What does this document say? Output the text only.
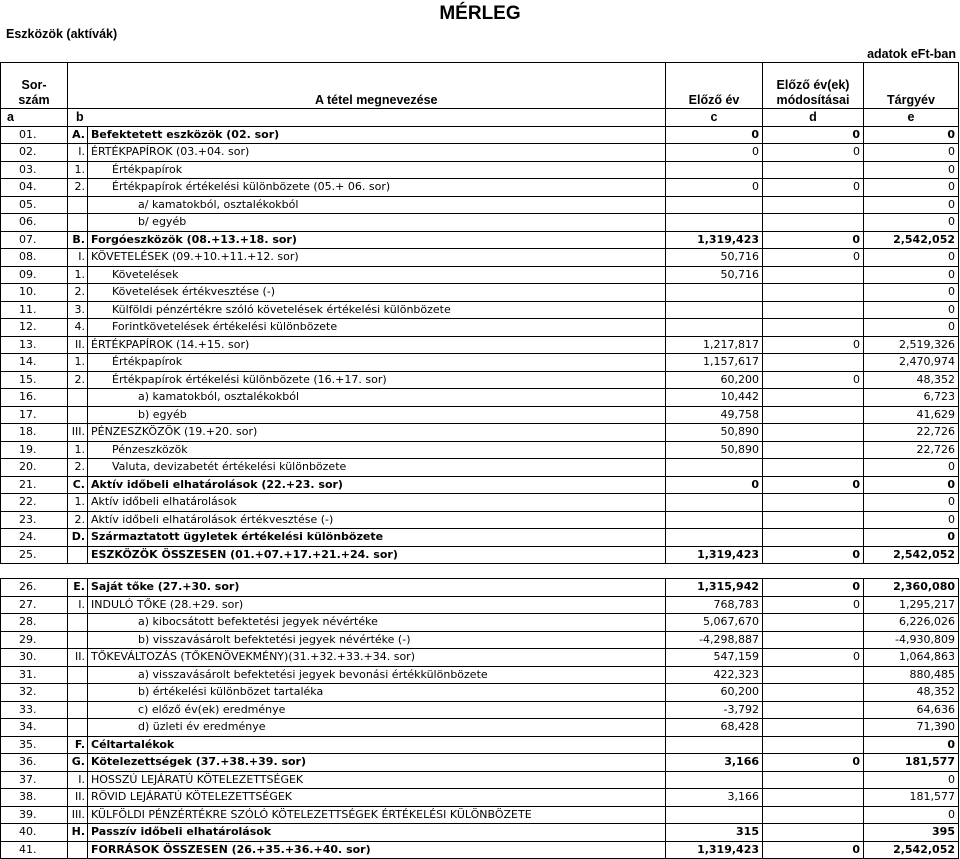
MÉRLEG
Eszközök (aktívák)
adatok eFt-ban
Sor-				Előző év(ek)	
szám		A tétel megnevezése	Előző év	módosításai	Tárgyév
a	b		c	d	e
01.	A.	Befektetett eszközök (02. sor)	0	0	0
02.	I.	ÉRTÉKPAPÍROK (03.+04. sor)	0	0	0
03.	1.	Értékpapírok			0
04.	2.	Értékpapírok értékelési különbözete (05.+ 06. sor)	0	0	0
05.		a/ kamatokból, osztalékokból			0
06.		b/ egyéb			0
07.	B.	Forgóeszközök (08.+13.+18. sor)	1,319,423	0	2,542,052
08.	I.	KÖVETELÉSEK (09.+10.+11.+12. sor)	50,716	0	0
09.	1.	Követelések	50,716		0
10.	2.	Követelések értékvesztése (-)			0
11.	3.	Külföldi pénzértékre szóló követelések értékelési különbözete			0
12.	4.	Forintkövetelések értékelési különbözete			0
13.	II.	ÉRTÉKPAPÍROK (14.+15. sor)	1,217,817	0	2,519,326
14.	1.	Értékpapírok	1,157,617		2,470,974
15.	2.	Értékpapírok értékelési különbözete (16.+17. sor)	60,200	0	48,352
16.		a) kamatokból, osztalékokból	10,442		6,723
17.		b) egyéb	49,758		41,629
18.	III.	PÉNZESZKÖZÖK (19.+20. sor)	50,890		22,726
19.	1.	Pénzeszközök	50,890		22,726
20.	2.	Valuta, devizabetét értékelési különbözete			0
21.	C.	Aktív időbeli elhatárolások (22.+23. sor)	0	0	0
22.	1.	Aktív időbeli elhatárolások			0
23.	2.	Aktív időbeli elhatárolások értékvesztése (-)			0
24.	D.	Származtatott ügyletek értékelési különbözete			0
25.		ESZKÖZÖK ÖSSZESEN (01.+07.+17.+21.+24. sor)	1,319,423	0	2,542,052

26.	E.	Saját tőke (27.+30. sor)	1,315,942	0	2,360,080
27.	I.	INDULÓ TŐKE (28.+29. sor)	768,783	0	1,295,217
28.		a) kibocsátott befektetési jegyek névértéke	5,067,670		6,226,026
29.		b) visszavásárolt befektetési jegyek névértéke (-)	-4,298,887		-4,930,809
30.	II.	TŐKEVÁLTOZÁS (TŐKENÖVEKMÉNY)(31.+32.+33.+34. sor)	547,159	0	1,064,863
31.		a) visszavásárolt befektetési jegyek bevonási értékkülönbözete	422,323		880,485
32.		b) értékelési különbözet tartaléka	60,200		48,352
33.		c) előző év(ek) eredménye	-3,792		64,636
34.		d) üzleti év eredménye	68,428		71,390
35.	F.	Céltartalékok			0
36.	G.	Kötelezettségek (37.+38.+39. sor)	3,166	0	181,577
37.	I.	HOSSZÚ LEJÁRATÚ KÖTELEZETTSÉGEK			0
38.	II.	RÖVID LEJÁRATÚ KÖTELEZETTSÉGEK	3,166		181,577
39.	III.	KÜLFÖLDI PÉNZÉRTÉKRE SZÓLÓ KÖTELEZETTSÉGEK ÉRTÉKELÉSI KÜLÖNBÖZETE			0
40.	H.	Passzív időbeli elhatárolások	315		395
41.		FORRÁSOK ÖSSZESEN (26.+35.+36.+40. sor)	1,319,423	0	2,542,052
